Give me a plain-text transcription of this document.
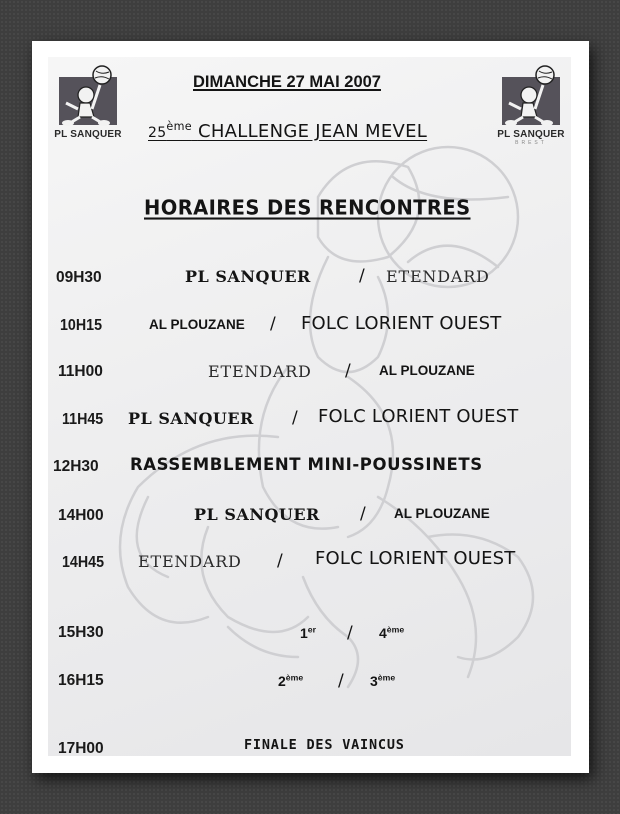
PL SANQUER	PL SANQUER
BREST
DIMANCHE 27 MAI 2007
25ème CHALLENGE JEAN MEVEL
HORAIRES DES RENCONTRES
09H30	PL SANQUER	/ ETENDARD
10H15	AL PLOUZANE / FOLC LORIENT OUEST
11H00	ETENDARD / AL PLOUZANE
11H45 PL SANQUER / FOLC LORIENT OUEST
12H30 RASSEMBLEMENT MINI-POUSSINETS
14H00	PL SANQUER / AL PLOUZANE
14H45 ETENDARD / FOLC LORIENT OUEST
15H30	1er / 4ème
16H15	2ème / 3ème
17H00	FINALE DES VAINCUS
